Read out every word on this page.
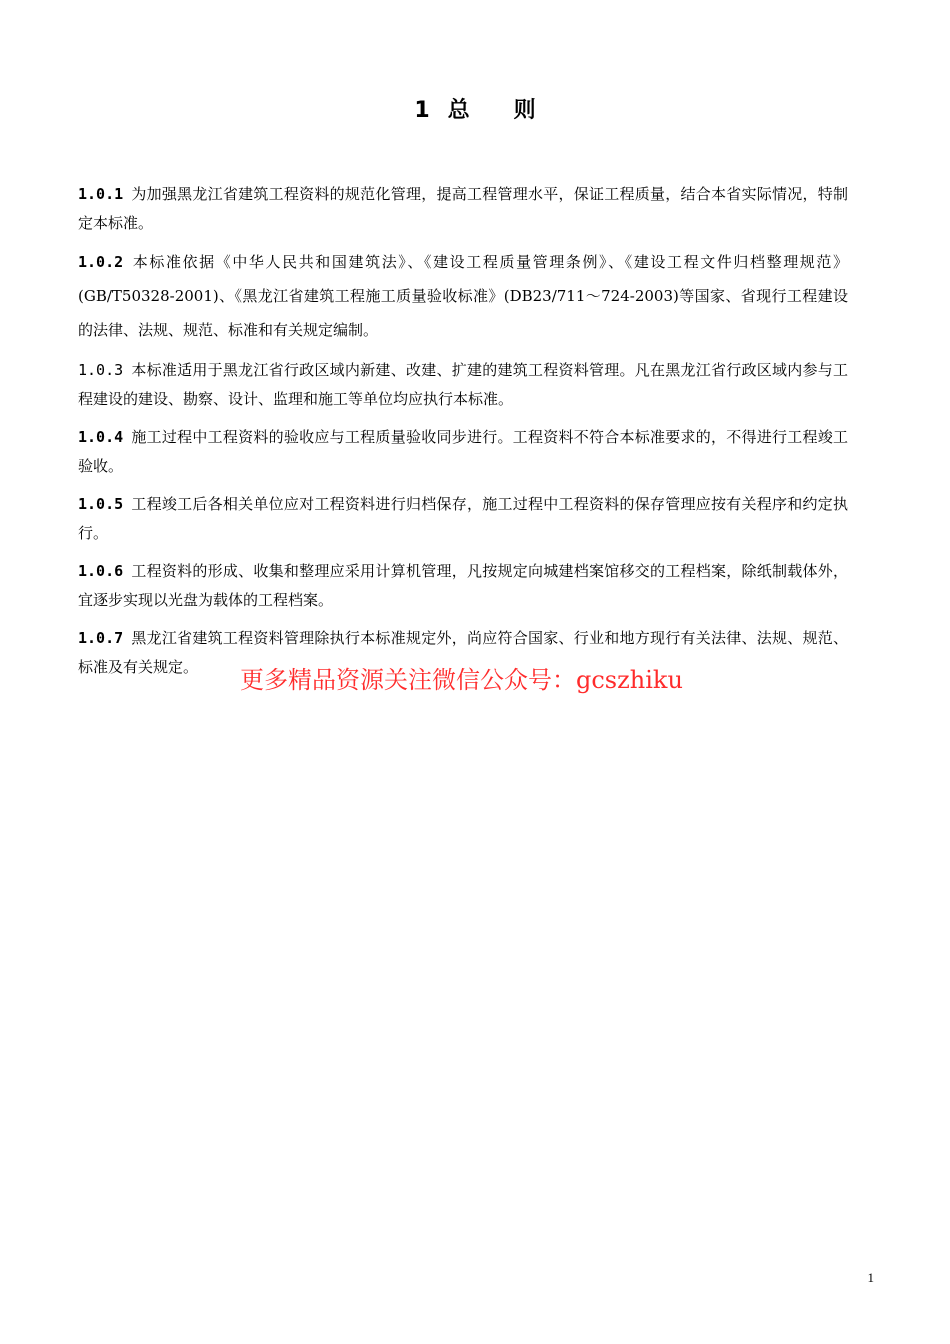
1 总 则

1.0.1 为加强黑龙江省建筑工程资料的规范化管理，提高工程管理水平，保证工程质量，结合本省实际情况，特制定本标准。

1.0.2 本标准依据《中华人民共和国建筑法》、《建设工程质量管理条例》、《建设工程文件归档整理规范》(GB/T50328-2001)、《黑龙江省建筑工程施工质量验收标准》(DB23/711～724-2003)等国家、省现行工程建设的法律、法规、规范、标准和有关规定编制。

1.0.3 本标准适用于黑龙江省行政区域内新建、改建、扩建的建筑工程资料管理。凡在黑龙江省行政区域内参与工程建设的建设、勘察、设计、监理和施工等单位均应执行本标准。

1.0.4 施工过程中工程资料的验收应与工程质量验收同步进行。工程资料不符合本标准要求的，不得进行工程竣工验收。

1.0.5 工程竣工后各相关单位应对工程资料进行归档保存，施工过程中工程资料的保存管理应按有关程序和约定执行。

1.0.6 工程资料的形成、收集和整理应采用计算机管理，凡按规定向城建档案馆移交的工程档案，除纸制载体外，宜逐步实现以光盘为载体的工程档案。

1.0.7 黑龙江省建筑工程资料管理除执行本标准规定外，尚应符合国家、行业和地方现行有关法律、法规、规范、标准及有关规定。	更多精品资源关注微信公众号：gcszhiku
1
